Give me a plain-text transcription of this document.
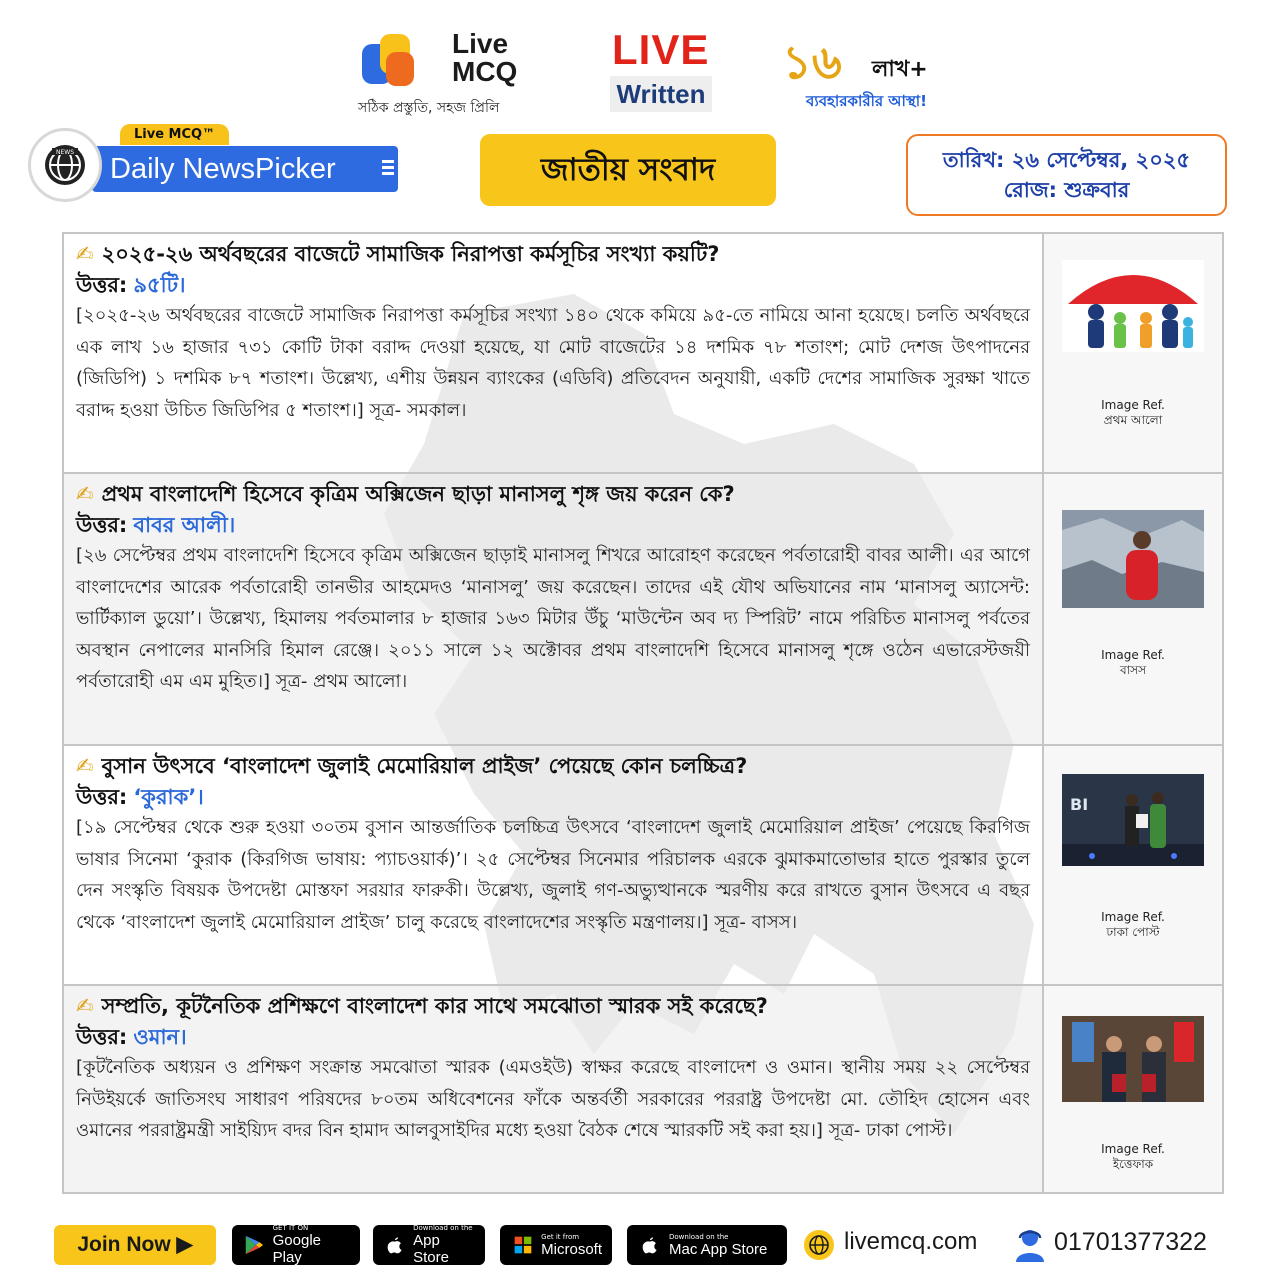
Live
MCQ
সঠিক প্রস্তুতি, সহজ প্রিলি
LIVE
Written
১৬ লাখ+
ব্যবহারকারীর আস্থা!
NEWS
Live MCQ™
Daily NewsPicker	জাতীয় সংবাদ	তারিখ: ২৬ সেপ্টেম্বর, ২০২৫
রোজ: শুক্রবার
✍ ২০২৫-২৬ অর্থবছরের বাজেটে সামাজিক নিরাপত্তা কর্মসূচির সংখ্যা কয়টি?
উত্তর: ৯৫টি।
[২০২৫-২৬ অর্থবছরের বাজেটে সামাজিক নিরাপত্তা কর্মসূচির সংখ্যা ১৪০ থেকে কমিয়ে ৯৫-তে নামিয়ে আনা হয়েছে। চলতি অর্থবছরে এক লাখ ১৬ হাজার ৭৩১ কোটি টাকা বরাদ্দ দেওয়া হয়েছে, যা মোট বাজেটের ১৪ দশমিক ৭৮ শতাংশ; মোট দেশজ উৎপাদনের (জিডিপি) ১ দশমিক ৮৭ শতাংশ। উল্লেখ্য, এশীয় উন্নয়ন ব্যাংকের (এডিবি) প্রতিবেদন অনুযায়ী, একটি দেশের সামাজিক সুরক্ষা খাতে বরাদ্দ হওয়া উচিত জিডিপির ৫ শতাংশ।] সূত্র- সমকাল।	Image Ref.
প্রথম আলো
✍ প্রথম বাংলাদেশি হিসেবে কৃত্রিম অক্সিজেন ছাড়া মানাসলু শৃঙ্গ জয় করেন কে?
উত্তর: বাবর আলী।
[২৬ সেপ্টেম্বর প্রথম বাংলাদেশি হিসেবে কৃত্রিম অক্সিজেন ছাড়াই মানাসলু শিখরে আরোহণ করেছেন পর্বতারোহী বাবর আলী। এর আগে বাংলাদেশের আরেক পর্বতারোহী তানভীর আহমেদও ‘মানাসলু’ জয় করেছেন। তাদের এই যৌথ অভিযানের নাম ‘মানাসলু অ্যাসেন্ট: ভার্টিক্যাল ডুয়ো’। উল্লেখ্য, হিমালয় পর্বতমালার ৮ হাজার ১৬৩ মিটার উঁচু ‘মাউন্টেন অব দ্য স্পিরিট’ নামে পরিচিত মানাসলু পর্বতের অবস্থান নেপালের মানসিরি হিমাল রেঞ্জে। ২০১১ সালে ১২ অক্টোবর প্রথম বাংলাদেশি হিসেবে মানাসলু শৃঙ্গে ওঠেন এভারেস্টজয়ী পর্বতারোহী এম এম মুহিত।] সূত্র- প্রথম আলো।
Image Ref.
বাসস
✍ বুসান উৎসবে ‘বাংলাদেশ জুলাই মেমোরিয়াল প্রাইজ’ পেয়েছে কোন চলচ্চিত্র?
উত্তর: ‘কুরাক’।
[১৯ সেপ্টেম্বর থেকে শুরু হওয়া ৩০তম বুসান আন্তর্জাতিক চলচ্চিত্র উৎসবে ‘বাংলাদেশ জুলাই মেমোরিয়াল প্রাইজ’ পেয়েছে কিরগিজ ভাষার সিনেমা ‘কুরাক (কিরগিজ ভাষায়: প্যাচওয়ার্ক)’। ২৫ সেপ্টেম্বর সিনেমার পরিচালক এরকে ঝুমাকমাতোভার হাতে পুরস্কার তুলে দেন সংস্কৃতি বিষয়ক উপদেষ্টা মোস্তফা সরয়ার ফারুকী। উল্লেখ্য, জুলাই গণ-অভ্যুত্থানকে স্মরণীয় করে রাখতে বুসান উৎসবে এ বছর থেকে ‘বাংলাদেশ জুলাই মেমোরিয়াল প্রাইজ’ চালু করেছে বাংলাদেশের সংস্কৃতি মন্ত্রণালয়।] সূত্র- বাসস।
BI
Image Ref.
ঢাকা পোস্ট
✍ সম্প্রতি, কূটনৈতিক প্রশিক্ষণে বাংলাদেশ কার সাথে সমঝোতা স্মারক সই করেছে?
উত্তর: ওমান।
[কূটনৈতিক অধ্যয়ন ও প্রশিক্ষণ সংক্রান্ত সমঝোতা স্মারক (এমওইউ) স্বাক্ষর করেছে বাংলাদেশ ও ওমান। স্থানীয় সময় ২২ সেপ্টেম্বর নিউইয়র্কে জাতিসংঘ সাধারণ পরিষদের ৮০তম অধিবেশনের ফাঁকে অন্তর্বর্তী সরকারের পররাষ্ট্র উপদেষ্টা মো. তৌহিদ হোসেন এবং ওমানের পররাষ্ট্রমন্ত্রী সাইয়্যিদ বদর বিন হামাদ আলবুসাইদির মধ্যে হওয়া বৈঠক শেষে স্মারকটি সই করা হয়।] সূত্র- ঢাকা পোস্ট।
Image Ref.
ইত্তেফাক
Join Now ▶
GET IT ON
Google Play
Download on the
App Store
Get it from
Microsoft
Download on the
Mac App Store	livemcq.com	01701377322
